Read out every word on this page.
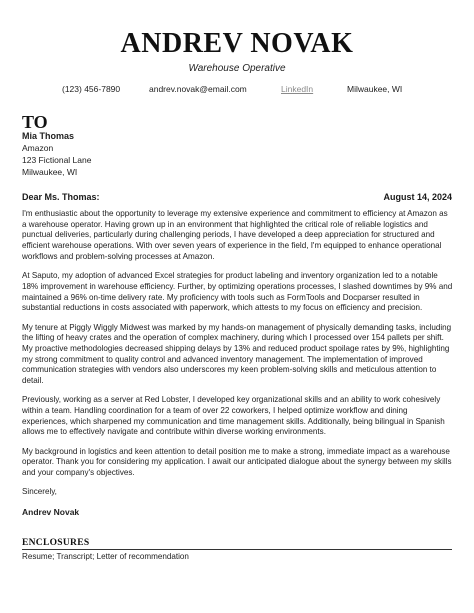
ANDREV NOVAK
Warehouse Operative
(123) 456-7890	andrev.novak@email.com	LinkedIn	Milwaukee, WI
TO
Mia Thomas
Amazon
123 Fictional Lane
Milwaukee, WI
Dear Ms. Thomas:	August 14, 2024

I'm enthusiastic about the opportunity to leverage my extensive experience and commitment to efficiency at Amazon as a warehouse operator. Having grown up in an environment that highlighted the critical role of reliable logistics and punctual deliveries, particularly during challenging periods, I have developed a deep appreciation for structured and efficient warehouse operations. With over seven years of experience in the field, I'm equipped to enhance operational workflows and problem-solving processes at Amazon.

At Saputo, my adoption of advanced Excel strategies for product labeling and inventory organization led to a notable 18% improvement in warehouse efficiency. Further, by optimizing operations processes, I slashed downtimes by 9% and maintained a 96% on-time delivery rate. My proficiency with tools such as FormTools and Docparser resulted in substantial reductions in costs associated with paperwork, which attests to my focus on efficiency and precision.

My tenure at Piggly Wiggly Midwest was marked by my hands-on management of physically demanding tasks, including the lifting of heavy crates and the operation of complex machinery, during which I processed over 154 pallets per shift. My proactive methodologies decreased shipping delays by 13% and reduced product spoilage rates by 9%, highlighting my strong commitment to quality control and advanced inventory management. The implementation of improved communication strategies with vendors also underscores my keen problem-solving skills and meticulous attention to detail.

Previously, working as a server at Red Lobster, I developed key organizational skills and an ability to work cohesively within a team. Handling coordination for a team of over 22 coworkers, I helped optimize workflow and dining experiences, which sharpened my communication and time management skills. Additionally, being bilingual in Spanish allows me to effectively navigate and contribute within diverse working environments.

My background in logistics and keen attention to detail position me to make a strong, immediate impact as a warehouse operator. Thank you for considering my application. I await our anticipated dialogue about the synergy between my skills and your company's objectives.

Sincerely,
Andrev Novak
ENCLOSURES
Resume; Transcript; Letter of recommendation
